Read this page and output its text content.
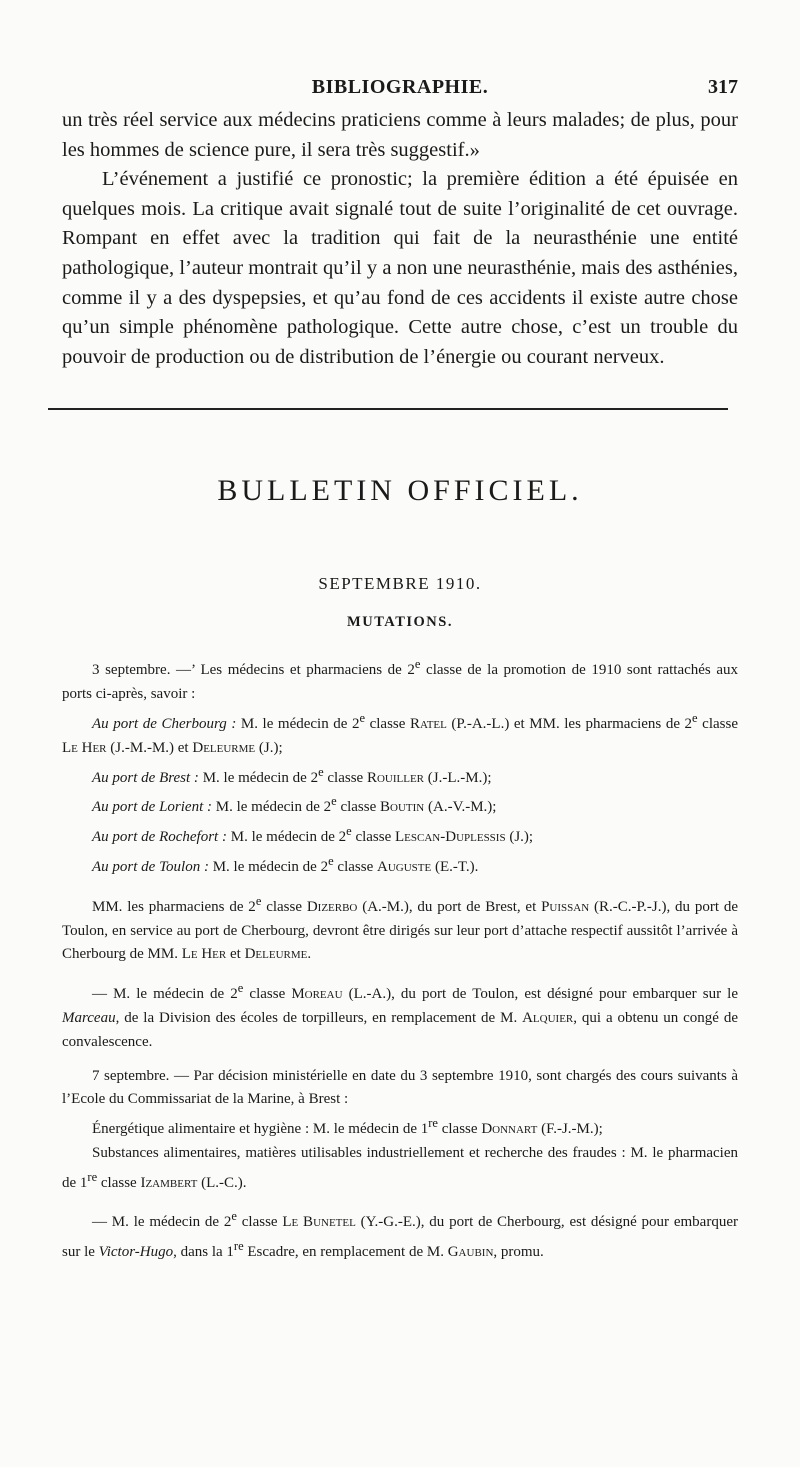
BIBLIOGRAPHIE.	317

un très réel service aux médecins praticiens comme à leurs malades; de plus, pour les hommes de science pure, il sera très suggestif.»

L’événement a justifié ce pronostic; la première édition a été épuisée en quelques mois. La critique avait signalé tout de suite l’originalité de cet ouvrage. Rompant en effet avec la tradition qui fait de la neurasthénie une entité pathologique, l’auteur montrait qu’il y a non une neurasthénie, mais des asthénies, comme il y a des dyspepsies, et qu’au fond de ces accidents il existe autre chose qu’un simple phénomène pathologique. Cette autre chose, c’est un trouble du pouvoir de production ou de distribution de l’énergie ou courant nerveux.

BULLETIN OFFICIEL.
SEPTEMBRE 1910.
MUTATIONS.

3 septembre. —’ Les médecins et pharmaciens de 2e classe de la promotion de 1910 sont rattachés aux ports ci-après, savoir :

Au port de Cherbourg : M. le médecin de 2e classe Ratel (P.-A.-L.) et MM. les pharmaciens de 2e classe Le Her (J.-M.-M.) et Deleurme (J.);

Au port de Brest : M. le médecin de 2e classe Rouiller (J.-L.-M.);

Au port de Lorient : M. le médecin de 2e classe Boutin (A.-V.-M.);

Au port de Rochefort : M. le médecin de 2e classe Lescan-Duplessis (J.);

Au port de Toulon : M. le médecin de 2e classe Auguste (E.-T.).

MM. les pharmaciens de 2e classe Dizerbo (A.-M.), du port de Brest, et Puissan (R.-C.-P.-J.), du port de Toulon, en service au port de Cherbourg, devront être dirigés sur leur port d’attache respectif aussitôt l’arrivée à Cherbourg de MM. Le Her et Deleurme.

— M. le médecin de 2e classe Moreau (L.-A.), du port de Toulon, est désigné pour embarquer sur le Marceau, de la Division des écoles de torpilleurs, en remplacement de M. Alquier, qui a obtenu un congé de convalescence.

7 septembre. — Par décision ministérielle en date du 3 septembre 1910, sont chargés des cours suivants à l’Ecole du Commissariat de la Marine, à Brest :

Énergétique alimentaire et hygiène : M. le médecin de 1re classe Donnart (F.-J.-M.);

Substances alimentaires, matières utilisables industriellement et recherche des fraudes : M. le pharmacien de 1re classe Izambert (L.-C.).

— M. le médecin de 2e classe Le Bunetel (Y.-G.-E.), du port de Cherbourg, est désigné pour embarquer sur le Victor-Hugo, dans la 1re Escadre, en remplacement de M. Gaubin, promu.
